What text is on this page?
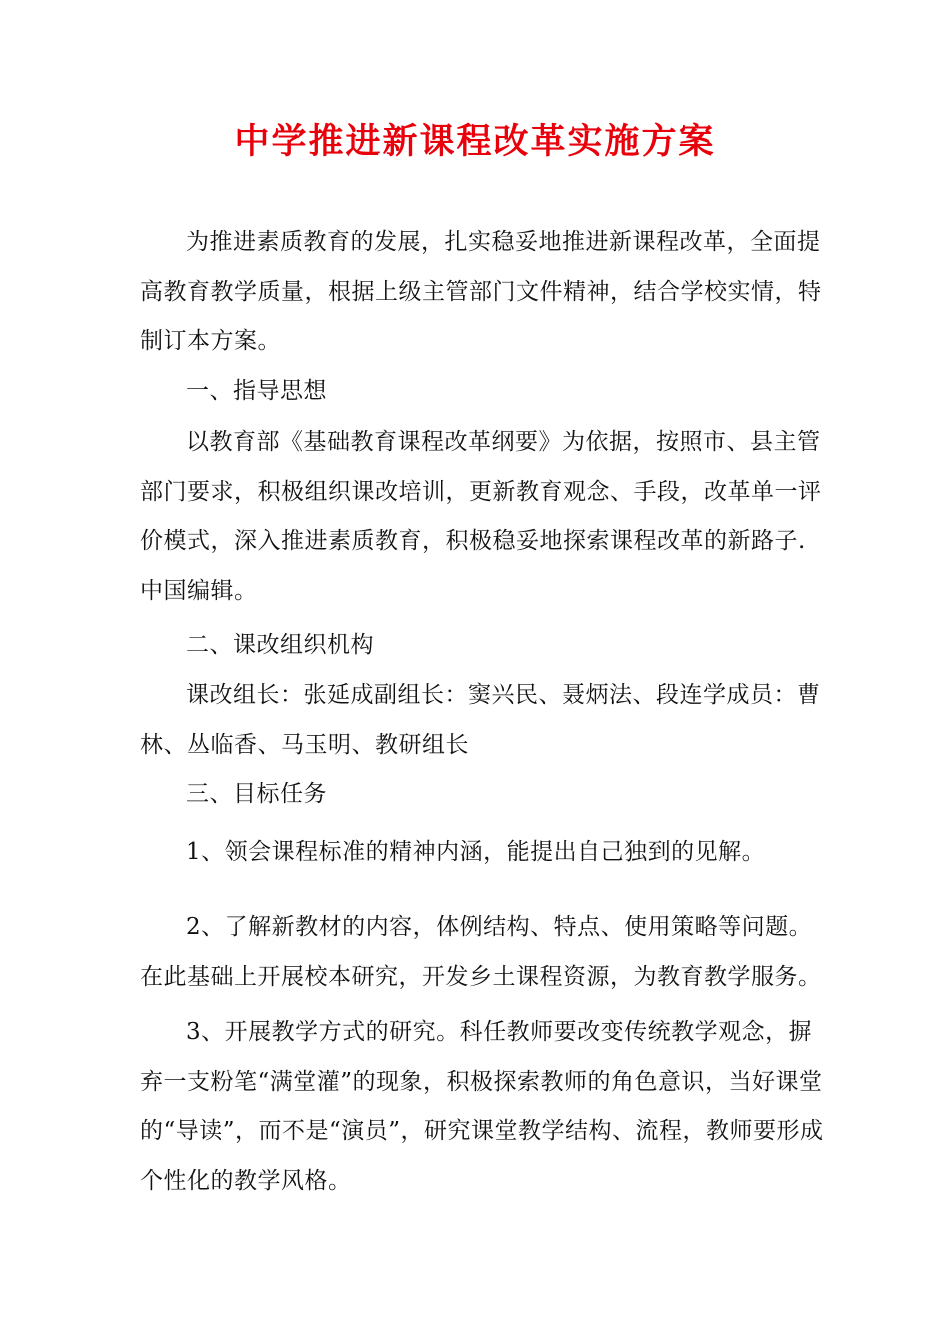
中学推进新课程改革实施方案

为推进素质教育的发展，扎实稳妥地推进新课程改革，全面提

高教育教学质量，根据上级主管部门文件精神，结合学校实情，特

制订本方案。

一、指导思想

以教育部《基础教育课程改革纲要》为依据，按照市、县主管

部门要求，积极组织课改培训，更新教育观念、手段，改革单一评

价模式，深入推进素质教育，积极稳妥地探索课程改革的新路子.

中国编辑。

二、课改组织机构

课改组长：张延成副组长：窦兴民、聂炳法、段连学成员：曹

林、丛临香、马玉明、教研组长

三、目标任务

1、领会课程标准的精神内涵，能提出自己独到的见解。

2、了解新教材的内容，体例结构、特点、使用策略等问题。

在此基础上开展校本研究，开发乡土课程资源，为教育教学服务。

3、开展教学方式的研究。科任教师要改变传统教学观念，摒

弃一支粉笔“满堂灌”的现象，积极探索教师的角色意识，当好课堂

的“导读”，而不是“演员”，研究课堂教学结构、流程，教师要形成

个性化的教学风格。
